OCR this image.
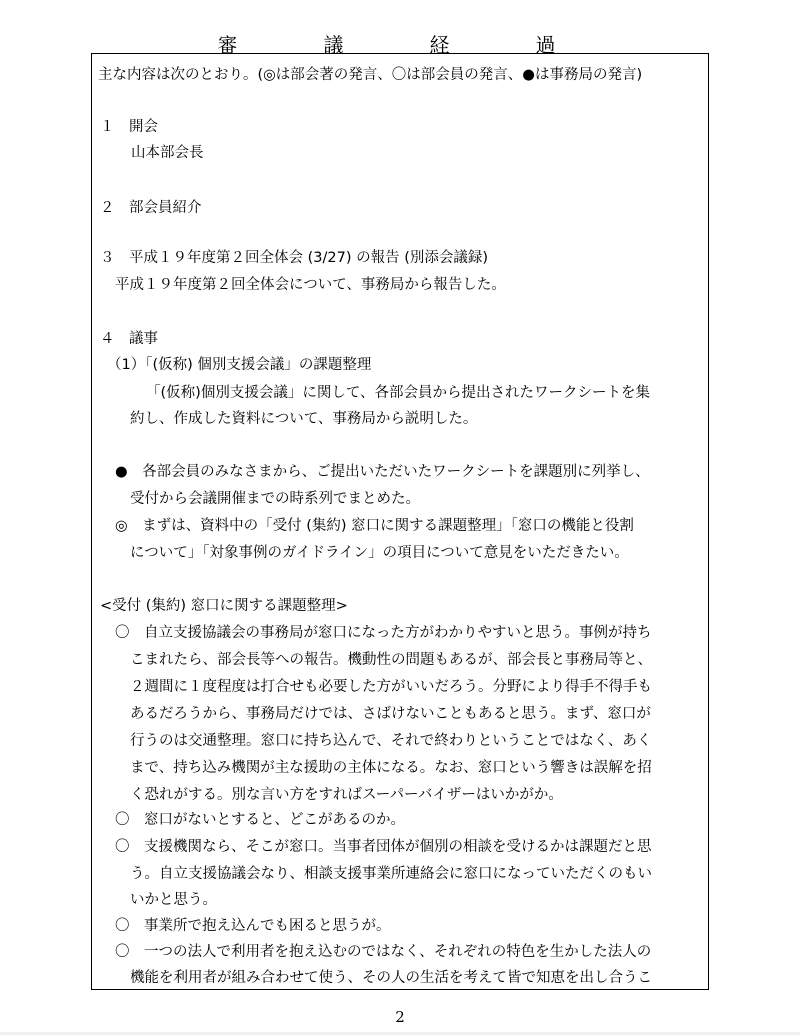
審　議　経　過
主な内容は次のとおり。(◎は部会著の発言、〇は部会員の発言、●は事務局の発言)
１　開会
山本部会長
２　部会員紹介
３　平成１９年度第２回全体会 (3/27) の報告 (別添会議録)
平成１９年度第２回全体会について、事務局から報告した。
４　議事
（1）「(仮称) 個別支援会議」の課題整理
「(仮称)個別支援会議」に関して、各部会員から提出されたワークシートを集
約し、作成した資料について、事務局から説明した。
●　各部会員のみなさまから、ご提出いただいたワークシートを課題別に列挙し、
受付から会議開催までの時系列でまとめた。
◎　まずは、資料中の「受付 (集約) 窓口に関する課題整理」「窓口の機能と役割
について」「対象事例のガイドライン」の項目について意見をいただきたい。
<受付 (集約) 窓口に関する課題整理>
〇　自立支援協議会の事務局が窓口になった方がわかりやすいと思う。事例が持ち
こまれたら、部会長等への報告。機動性の問題もあるが、部会長と事務局等と、
２週間に１度程度は打合せも必要した方がいいだろう。分野により得手不得手も
あるだろうから、事務局だけでは、さばけないこともあると思う。まず、窓口が
行うのは交通整理。窓口に持ち込んで、それで終わりということではなく、あく
まで、持ち込み機関が主な援助の主体になる。なお、窓口という響きは誤解を招
く恐れがする。別な言い方をすればスーパーバイザーはいかがか。
〇　窓口がないとすると、どこがあるのか。
〇　支援機関なら、そこが窓口。当事者団体が個別の相談を受けるかは課題だと思
う。自立支援協議会なり、相談支援事業所連絡会に窓口になっていただくのもい
いかと思う。
〇　事業所で抱え込んでも困ると思うが。
〇　一つの法人で利用者を抱え込むのではなく、それぞれの特色を生かした法人の
機能を利用者が組み合わせて使う、その人の生活を考えて皆で知恵を出し合うこ
2
